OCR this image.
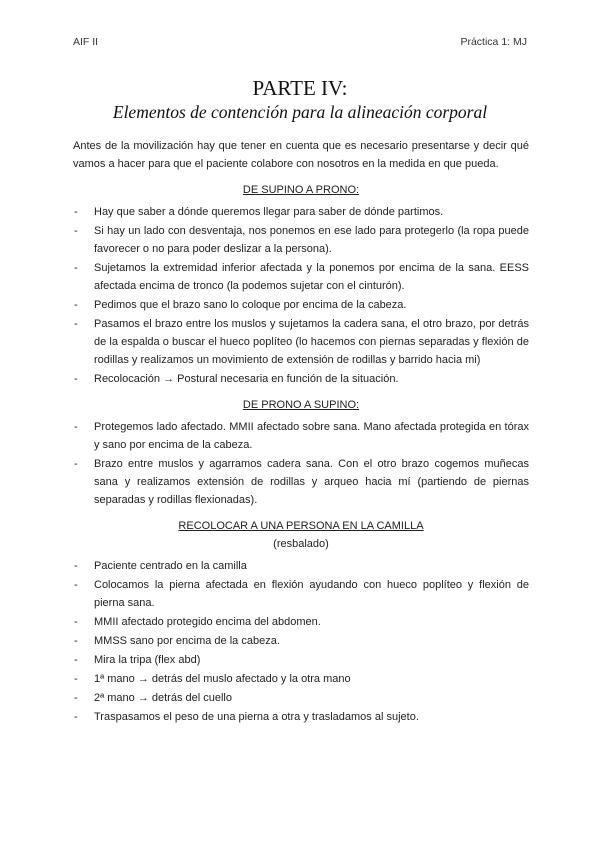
AIF II	Práctica 1: MJ
PARTE IV:
Elementos de contención para la alineación corporal

Antes de la movilización hay que tener en cuenta que es necesario presentarse y decir qué vamos a hacer para que el paciente colabore con nosotros en la medida en que pueda.

DE SUPINO A PRONO:
- Hay que saber a dónde queremos llegar para saber de dónde partimos.
- Si hay un lado con desventaja, nos ponemos en ese lado para protegerlo (la ropa puede favorecer o no para poder deslizar a la persona).
- Sujetamos la extremidad inferior afectada y la ponemos por encima de la sana. EESS afectada encima de tronco (la podemos sujetar con el cinturón).
- Pedimos que el brazo sano lo coloque por encima de la cabeza.
- Pasamos el brazo entre los muslos y sujetamos la cadera sana, el otro brazo, por detrás de la espalda o buscar el hueco poplíteo (lo hacemos con piernas separadas y flexión de rodillas y realizamos un movimiento de extensión de rodillas y barrido hacia mi)
- Recolocación → Postural necesaria en función de la situación.
DE PRONO A SUPINO:
- Protegemos lado afectado. MMII afectado sobre sana. Mano afectada protegida en tórax y sano por encima de la cabeza.
- Brazo entre muslos y agarramos cadera sana. Con el otro brazo cogemos muñecas sana y realizamos extensión de rodillas y arqueo hacia mí (partiendo de piernas separadas y rodillas flexionadas).
RECOLOCAR A UNA PERSONA EN LA CAMILLA
(resbalado)
- Paciente centrado en la camilla
- Colocamos la pierna afectada en flexión ayudando con hueco poplíteo y flexión de pierna sana.
- MMII afectado protegido encima del abdomen.
- MMSS sano por encima de la cabeza.
- Mira la tripa (flex abd)
- 1ª mano → detrás del muslo afectado y la otra mano
- 2ª mano → detrás del cuello
- Traspasamos el peso de una pierna a otra y trasladamos al sujeto.
